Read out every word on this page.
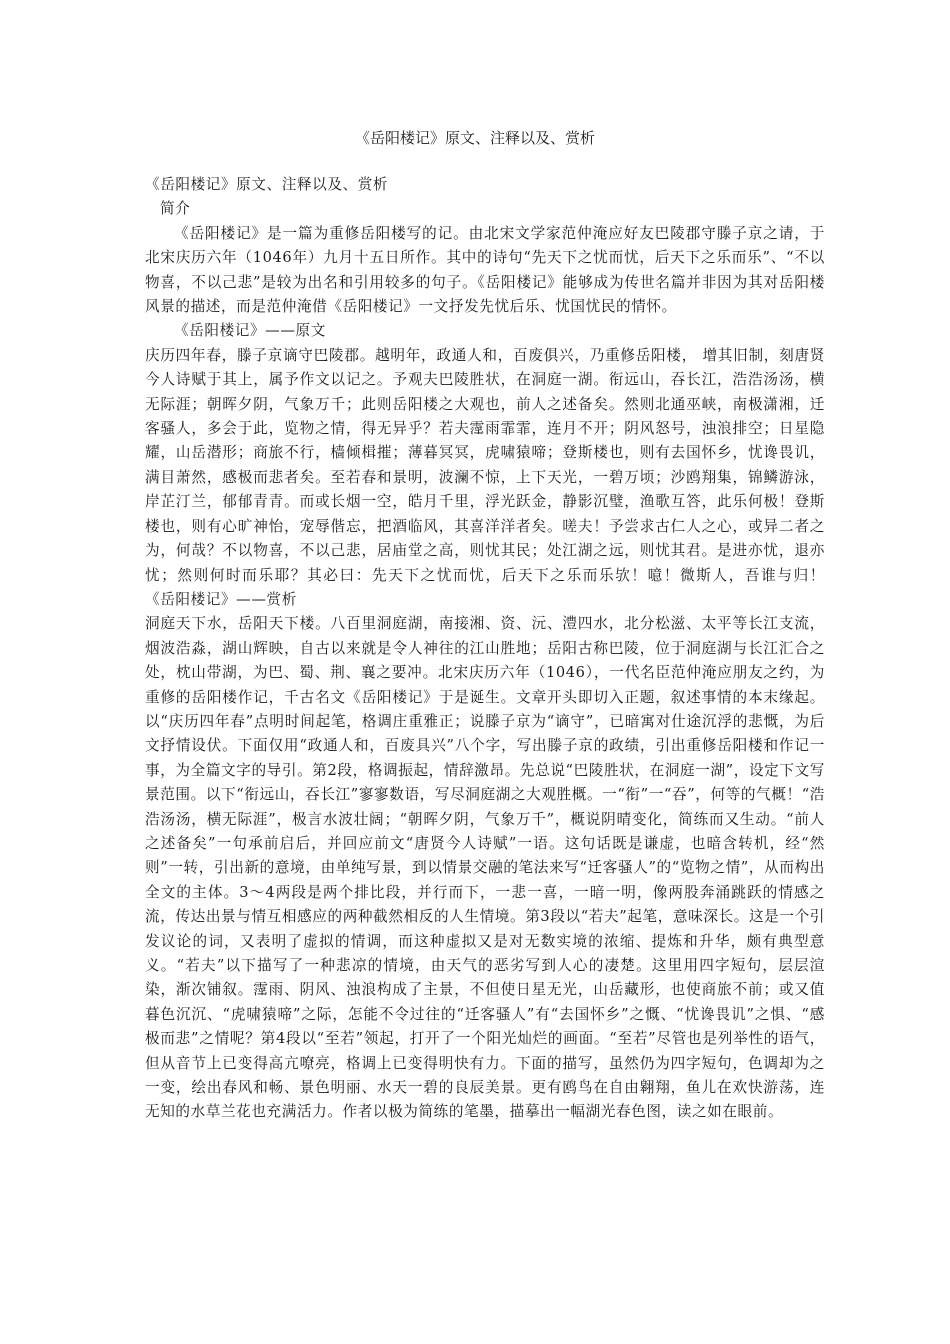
《岳阳楼记》原文、注释以及、赏析

《岳阳楼记》原文、注释以及、赏析

简介

《岳阳楼记》是一篇为重修岳阳楼写的记。由北宋文学家范仲淹应好友巴陵郡守滕子京之请，于北宋庆历六年（1046年）九月十五日所作。其中的诗句“先天下之忧而忧，后天下之乐而乐”、“不以物喜，不以己悲”是较为出名和引用较多的句子。《岳阳楼记》能够成为传世名篇并非因为其对岳阳楼风景的描述，而是范仲淹借《岳阳楼记》一文抒发先忧后乐、忧国忧民的情怀。

《岳阳楼记》——原文

庆历四年春，滕子京谪守巴陵郡。越明年，政通人和，百废俱兴，乃重修岳阳楼， 增其旧制，刻唐贤今人诗赋于其上，属予作文以记之。予观夫巴陵胜状，在洞庭一湖。衔远山，吞长江，浩浩汤汤，横无际涯；朝晖夕阴，气象万千；此则岳阳楼之大观也，前人之述备矣。然则北通巫峡，南极潇湘，迁客骚人，多会于此，览物之情，得无异乎？若夫霪雨霏霏，连月不开；阴风怒号，浊浪排空；日星隐耀，山岳潜形；商旅不行，樯倾楫摧；薄暮冥冥，虎啸猿啼；登斯楼也，则有去国怀乡，忧谗畏讥，满目萧然，感极而悲者矣。至若春和景明，波澜不惊，上下天光，一碧万顷；沙鸥翔集，锦鳞游泳，岸芷汀兰，郁郁青青。而或长烟一空，皓月千里，浮光跃金，静影沉璧，渔歌互答，此乐何极！登斯楼也，则有心旷神怡，宠辱偕忘，把酒临风，其喜洋洋者矣。嗟夫！予尝求古仁人之心，或异二者之为，何哉？不以物喜，不以己悲，居庙堂之高，则忧其民；处江湖之远，则忧其君。是进亦忧，退亦忧；然则何时而乐耶？其必曰：先天下之忧而忧，后天下之乐而乐欤！噫！微斯人，吾谁与归！　　　《岳阳楼记》——赏析

洞庭天下水，岳阳天下楼。八百里洞庭湖，南接湘、资、沅、澧四水，北分松滋、太平等长江支流，烟波浩淼，湖山辉映，自古以来就是令人神往的江山胜地；岳阳古称巴陵，位于洞庭湖与长江汇合之处，枕山带湖，为巴、蜀、荆、襄之要冲。北宋庆历六年（1046），一代名臣范仲淹应朋友之约，为重修的岳阳楼作记，千古名文《岳阳楼记》于是诞生。文章开头即切入正题，叙述事情的本末缘起。以“庆历四年春”点明时间起笔，格调庄重雅正；说滕子京为“谪守”，已暗寓对仕途沉浮的悲慨，为后文抒情设伏。下面仅用“政通人和，百废具兴”八个字，写出滕子京的政绩，引出重修岳阳楼和作记一事，为全篇文字的导引。第2段，格调振起，情辞激昂。先总说“巴陵胜状，在洞庭一湖”，设定下文写景范围。以下“衔远山，吞长江”寥寥数语，写尽洞庭湖之大观胜概。一“衔”一“吞”，何等的气概！“浩浩汤汤，横无际涯”，极言水波壮阔；“朝晖夕阴，气象万千”，概说阴晴变化，简练而又生动。“前人之述备矣”一句承前启后，并回应前文“唐贤今人诗赋”一语。这句话既是谦虚，也暗含转机，经“然则”一转，引出新的意境，由单纯写景，到以情景交融的笔法来写“迁客骚人”的“览物之情”，从而构出全文的主体。3～4两段是两个排比段，并行而下，一悲一喜，一暗一明，像两股奔涌跳跃的情感之流，传达出景与情互相感应的两种截然相反的人生情境。第3段以“若夫”起笔，意味深长。这是一个引发议论的词，又表明了虚拟的情调，而这种虚拟又是对无数实境的浓缩、提炼和升华，颇有典型意义。“若夫”以下描写了一种悲凉的情境，由天气的恶劣写到人心的凄楚。这里用四字短句，层层渲染，渐次铺叙。霪雨、阴风、浊浪构成了主景，不但使日星无光，山岳藏形，也使商旅不前；或又值暮色沉沉、“虎啸猿啼”之际，怎能不令过往的“迁客骚人”有“去国怀乡”之慨、“忧谗畏讥”之惧、“感极而悲”之情呢？第4段以“至若”领起，打开了一个阳光灿烂的画面。“至若”尽管也是列举性的语气，但从音节上已变得高亢嘹亮，格调上已变得明快有力。下面的描写，虽然仍为四字短句，色调却为之一变，绘出春风和畅、景色明丽、水天一碧的良辰美景。更有鸥鸟在自由翱翔，鱼儿在欢快游荡，连无知的水草兰花也充满活力。作者以极为简练的笔墨，描摹出一幅湖光春色图，读之如在眼前。
